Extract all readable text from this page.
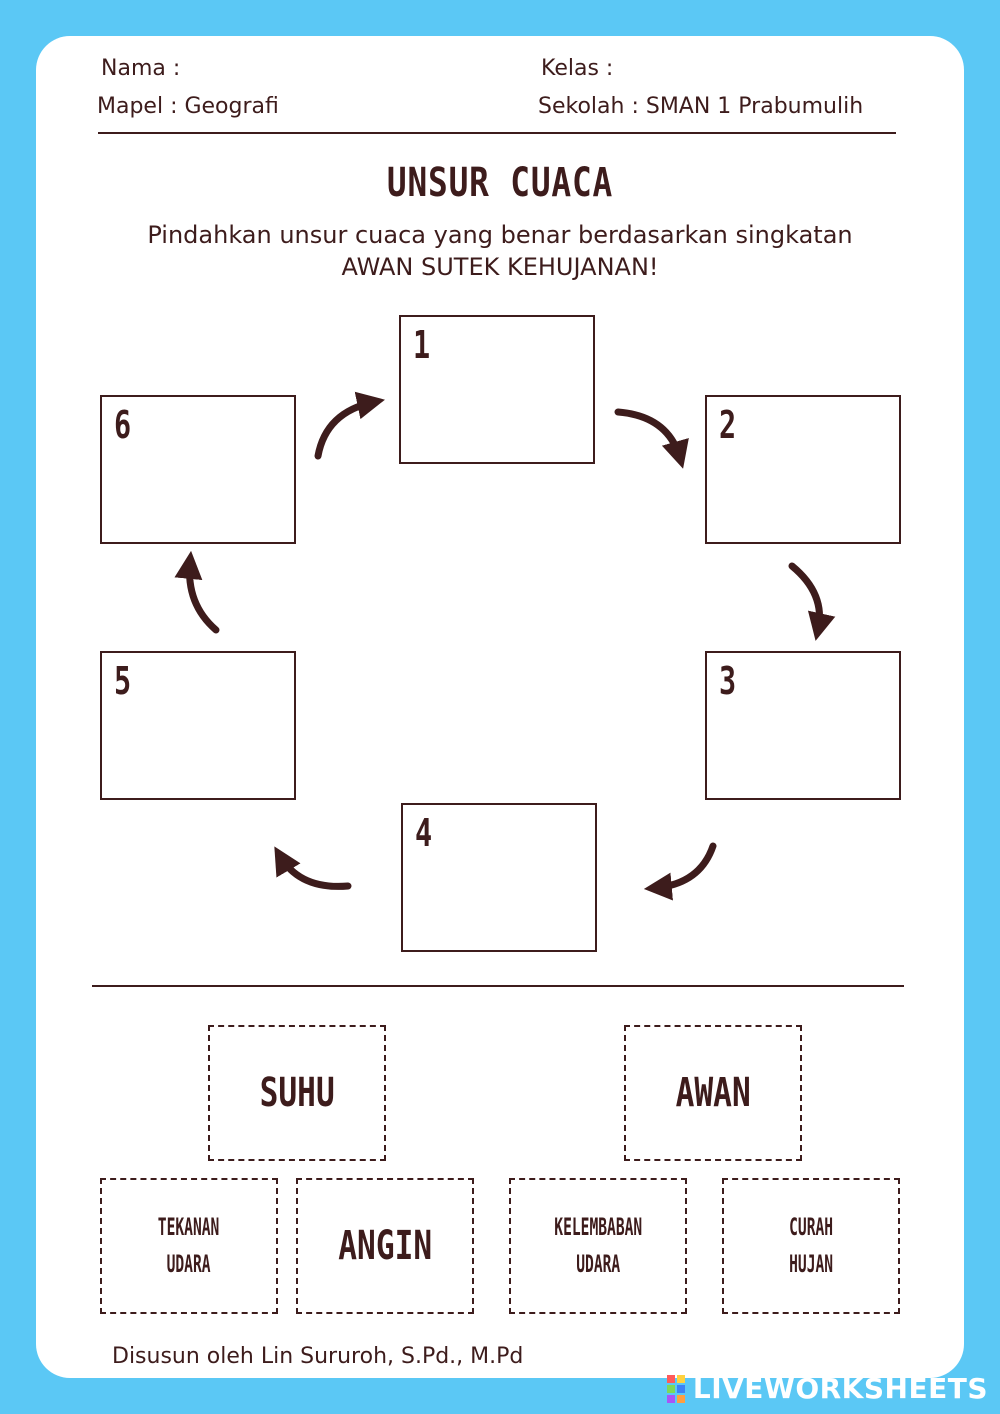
Nama :	Kelas :
Mapel : Geografi	Sekolah : SMAN 1 Prabumulih
UNSUR CUACA
Pindahkan unsur cuaca yang benar berdasarkan singkatan
AWAN SUTEK KEHUJANAN!
1
2
3
4
5
6
SUHU	AWAN
TEKANAN
UDARA	ANGIN	KELEMBABAN
UDARA
CURAH
HUJAN
Disusun oleh Lin Sururoh, S.Pd., M.Pd
LIVEWORKSHEETS
